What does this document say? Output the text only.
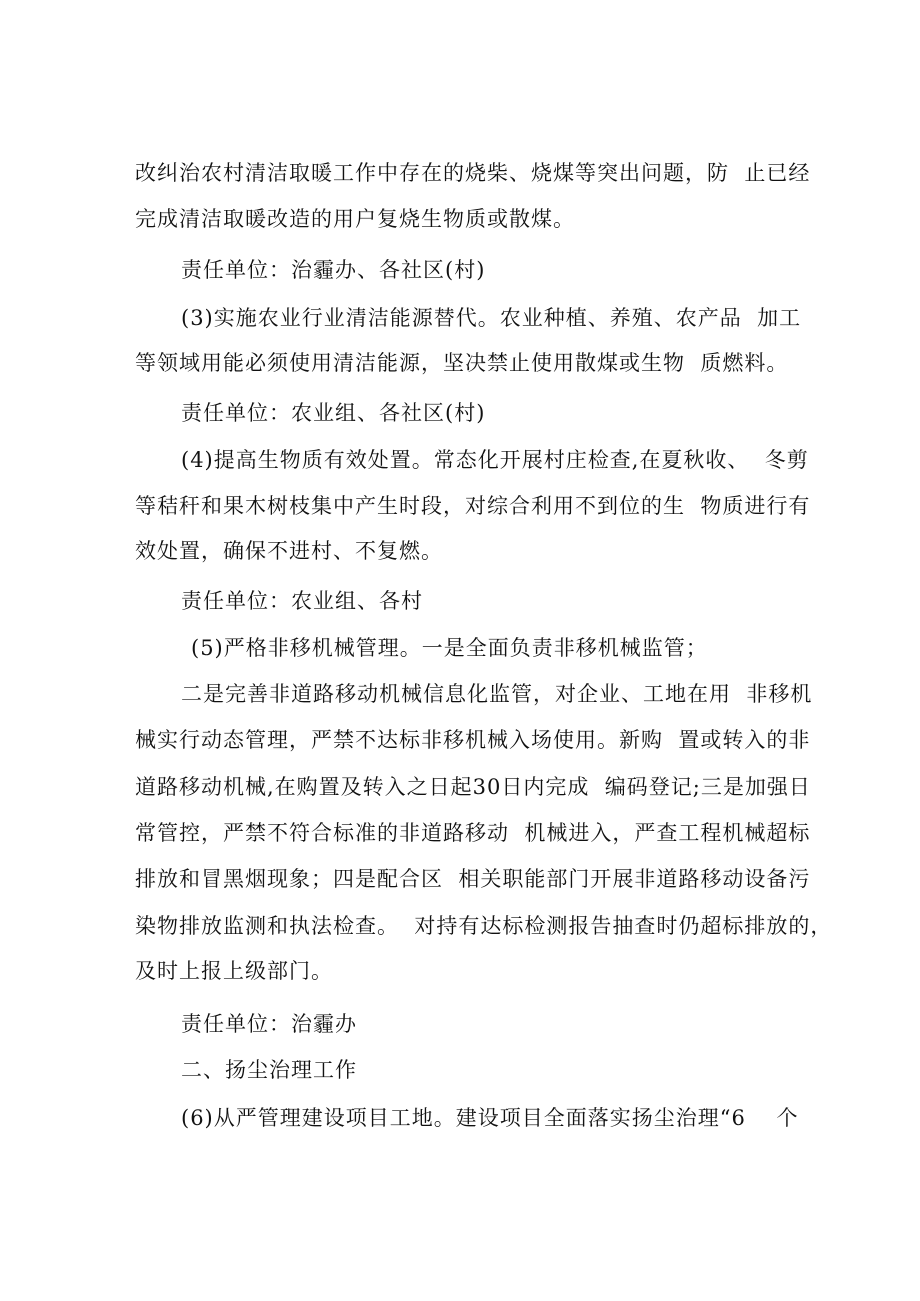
改纠治农村清洁取暖工作中存在的烧柴、烧煤等突出问题，防  止已经
完成清洁取暖改造的用户复烧生物质或散煤。
责任单位：治霾办、各社区(村)
(3)实施农业行业清洁能源替代。农业种植、养殖、农产品  加工
等领域用能必须使用清洁能源，坚决禁止使用散煤或生物  质燃料。
责任单位：农业组、各社区(村)
(4)提高生物质有效处置。常态化开展村庄检查,在夏秋收、  冬剪
等秸秆和果木树枝集中产生时段，对综合利用不到位的生  物质进行有
效处置，确保不进村、不复燃。
责任单位：农业组、各村
(5)严格非移机械管理。一是全面负责非移机械监管；
二是完善非道路移动机械信息化监管，对企业、工地在用  非移机
械实行动态管理，严禁不达标非移机械入场使用。新购  置或转入的非
道路移动机械,在购置及转入之日起30日内完成  编码登记;三是加强日
常管控，严禁不符合标准的非道路移动  机械进入，严查工程机械超标
排放和冒黑烟现象；四是配合区  相关职能部门开展非道路移动设备污
染物排放监测和执法检查。  对持有达标检测报告抽查时仍超标排放的，
及时上报上级部门。
责任单位：治霾办
二、扬尘治理工作
(6)从严管理建设项目工地。建设项目全面落实扬尘治理“6    个
